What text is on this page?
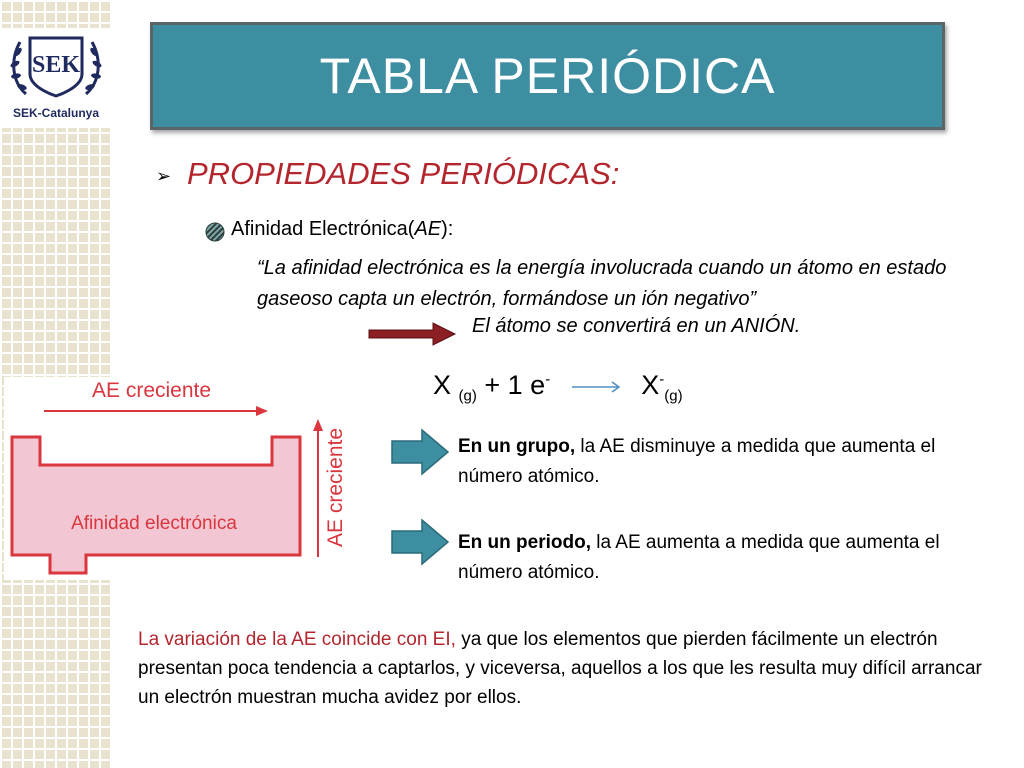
SEK
SEK-Catalunya
TABLA PERIÓDICA
➢ PROPIEDADES PERIÓDICAS:
Afinidad Electrónica(AE):
“La afinidad electrónica es la energía involucrada cuando un átomo en estado gaseoso capta un electrón, formándose un ión negativo”
El átomo se convertirá en un ANIÓN.
X $_{(g)}$ + 1 $e^- \to X^-_{(g)}$
AE creciente
AE creciente
Afinidad electrónica
En un grupo, la AE disminuye a medida que aumenta el número atómico.
En un periodo, la AE aumenta a medida que aumenta el número atómico.
La variación de la AE coincide con EI, ya que los elementos que pierden fácilmente un electrón presentan poca tendencia a captarlos, y viceversa, aquellos a los que les resulta muy difícil arrancar un electrón muestran mucha avidez por ellos.
